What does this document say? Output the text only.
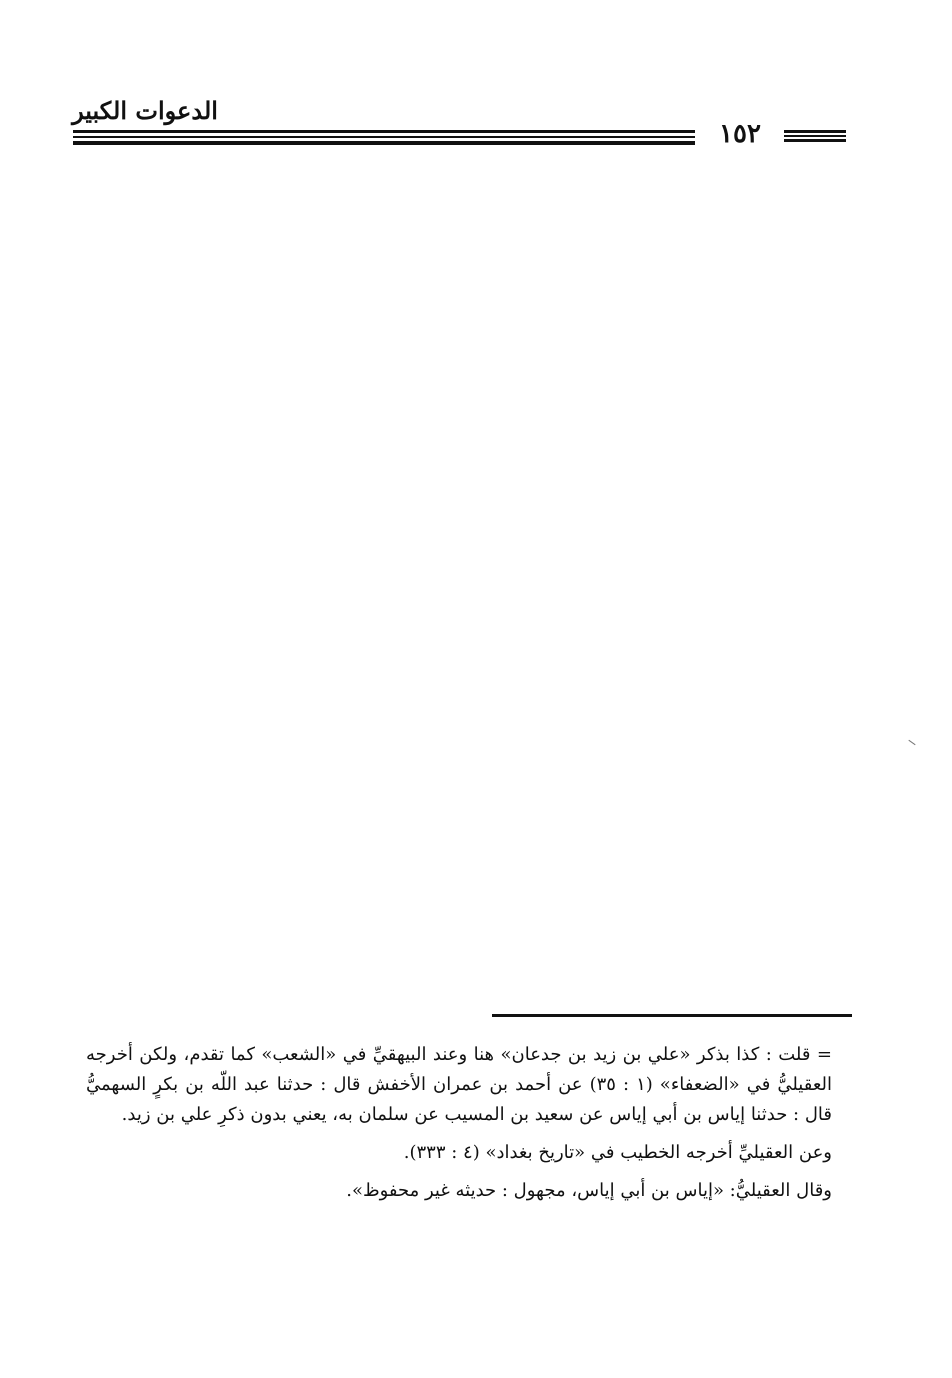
الدعوات الكبير
١٥٢

= قلت : كذا بذكر «علي بن زيد بن جدعان» هنا وعند البيهقيِّ في «الشعب» كما تقدم، ولكن أخرجه العقيليُّ في «الضعفاء» (١ : ٣٥) عن أحمد بن عمران الأخفش قال : حدثنا عبد اللّه بن بكرٍ السهميُّ قال : حدثنا إياس بن أبي إياس عن سعيد بن المسيب عن سلمان به، يعني بدون ذكرِ علي بن زيد.

وعن العقيليِّ أخرجه الخطيب في «تاريخ بغداد» (٤ : ٣٣٣).

وقال العقيليُّ: «إياس بن أبي إياس، مجهول : حديثه غير محفوظ».
